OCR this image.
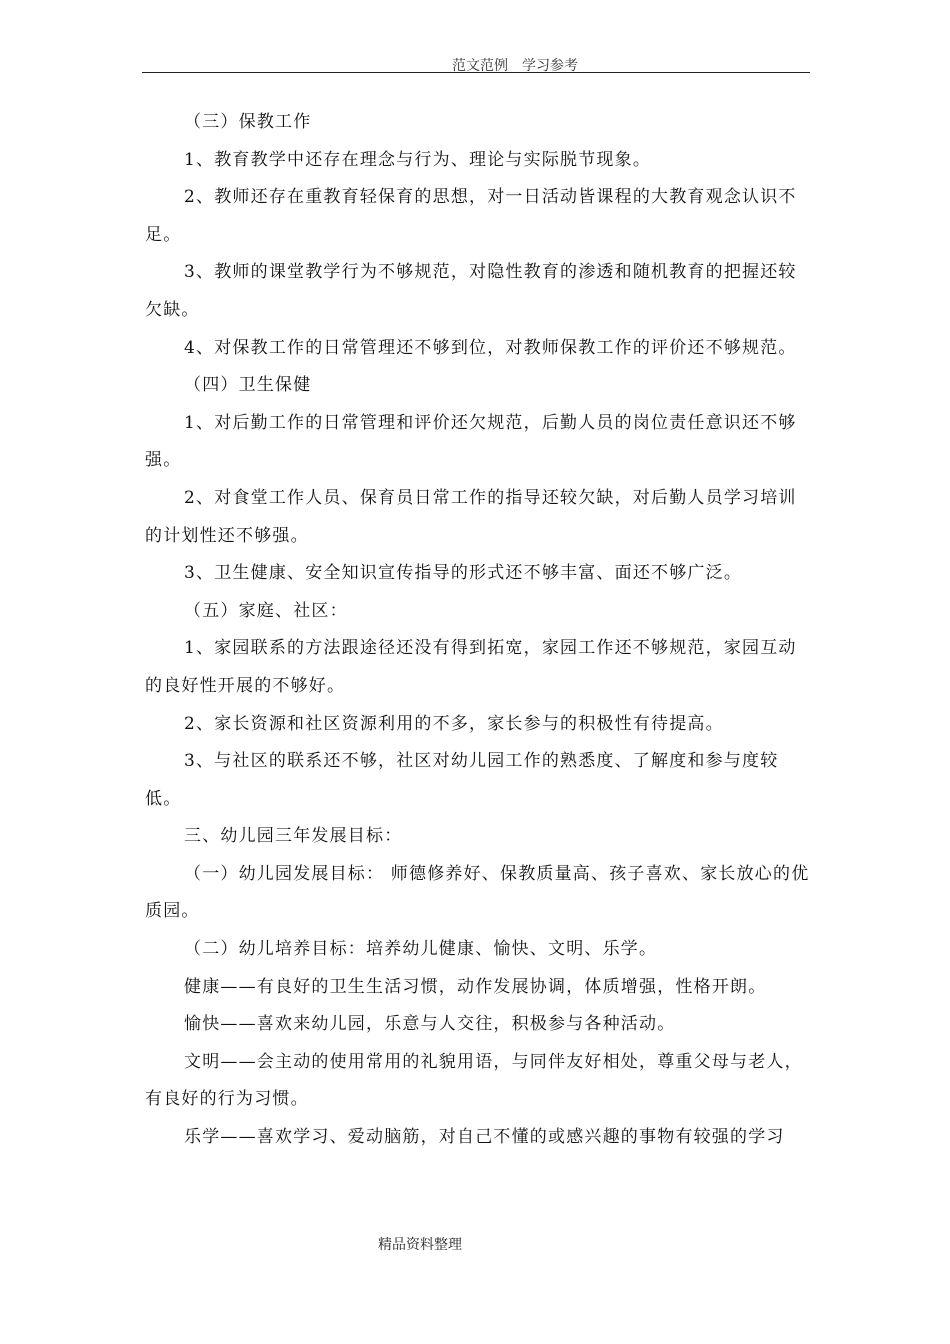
范文范例　学习参考

（三）保教工作

1、教育教学中还存在理念与行为、理论与实际脱节现象。

2、教师还存在重教育轻保育的思想，对一日活动皆课程的大教育观念认识不足。

3、教师的课堂教学行为不够规范，对隐性教育的渗透和随机教育的把握还较欠缺。

4、对保教工作的日常管理还不够到位，对教师保教工作的评价还不够规范。

（四）卫生保健

1、对后勤工作的日常管理和评价还欠规范，后勤人员的岗位责任意识还不够强。

2、对食堂工作人员、保育员日常工作的指导还较欠缺，对后勤人员学习培训的计划性还不够强。

3、卫生健康、安全知识宣传指导的形式还不够丰富、面还不够广泛。

（五）家庭、社区：

1、家园联系的方法跟途径还没有得到拓宽，家园工作还不够规范，家园互动的良好性开展的不够好。

2、家长资源和社区资源利用的不多，家长参与的积极性有待提高。

3、与社区的联系还不够，社区对幼儿园工作的熟悉度、了解度和参与度较低。

三、幼儿园三年发展目标：

（一）幼儿园发展目标： 师德修养好、保教质量高、孩子喜欢、家长放心的优质园。

（二）幼儿培养目标：培养幼儿健康、愉快、文明、乐学。

健康——有良好的卫生生活习惯，动作发展协调，体质增强，性格开朗。

愉快——喜欢来幼儿园，乐意与人交往，积极参与各种活动。

文明——会主动的使用常用的礼貌用语，与同伴友好相处，尊重父母与老人，有良好的行为习惯。

乐学——喜欢学习、爱动脑筋，对自己不懂的或感兴趣的事物有较强的学习

精品资料整理
